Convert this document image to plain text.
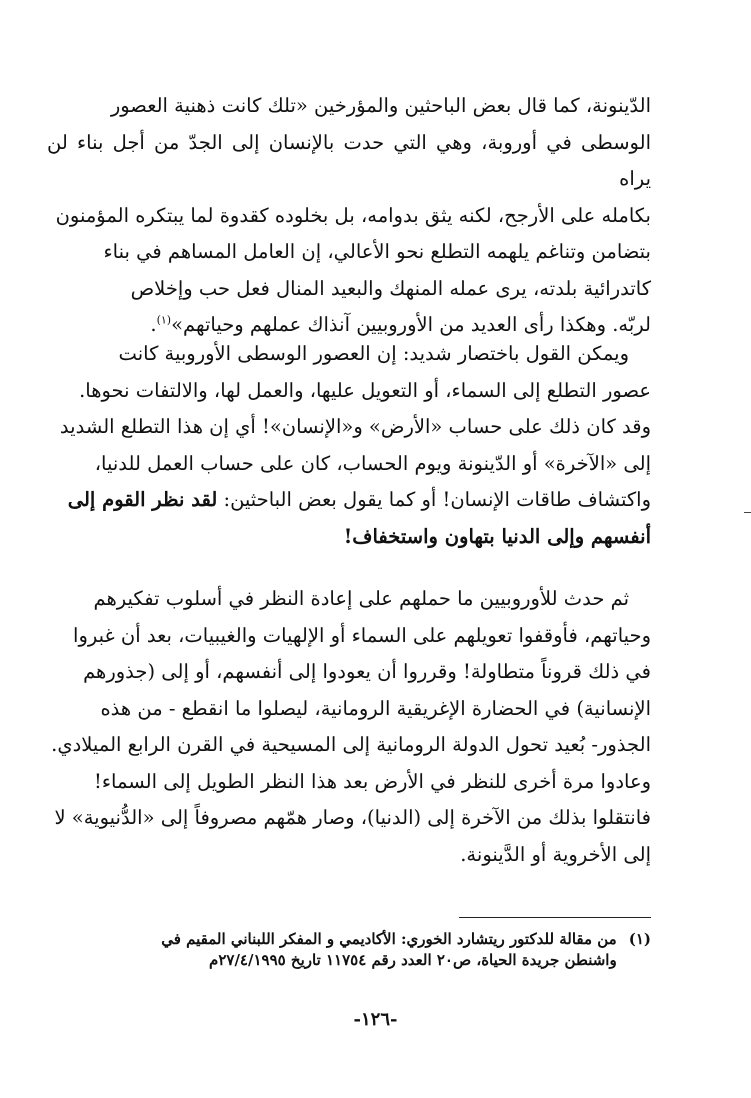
الدّينونة، كما قال بعض الباحثين والمؤرخين «تلك كانت ذهنية العصور

الوسطى في أوروبة، وهي التي حدت بالإنسان إلى الجدّ من أجل بناء لن يراه

بكامله على الأرجح، لكنه يثق بدوامه، بل بخلوده كقدوة لما يبتكره المؤمنون

بتضامن وتناغم يلهمه التطلع نحو الأعالي، إن العامل المساهم في بناء

كاتدرائية بلدته، يرى عمله المنهك والبعيد المنال فعل حب وإخلاص

لربّه. وهكذا رأى العديد من الأوروبيين آنذاك عملهم وحياتهم»$^{(١)}$.

ويمكن القول باختصار شديد: إن العصور الوسطى الأوروبية كانت

عصور التطلع إلى السماء، أو التعويل عليها، والعمل لها، والالتفات نحوها.

وقد كان ذلك على حساب «الأرض» و«الإنسان»! أي إن هذا التطلع الشديد

إلى «الآخرة» أو الدّينونة ويوم الحساب، كان على حساب العمل للدنيا،

واكتشاف طاقات الإنسان! أو كما يقول بعض الباحثين: لقد نظر القوم إلى

أنفسهم وإلى الدنيا بتهاون واستخفاف!

ثم حدث للأوروبيين ما حملهم على إعادة النظر في أسلوب تفكيرهم

وحياتهم، فأوقفوا تعويلهم على السماء أو الإلهيات والغيبيات، بعد أن غبروا

في ذلك قروناً متطاولة! وقرروا أن يعودوا إلى أنفسهم، أو إلى (جذورهم

الإنسانية) في الحضارة الإغريقية الرومانية، ليصلوا ما انقطع - من هذه

الجذور- بُعيد تحول الدولة الرومانية إلى المسيحية في القرن الرابع الميلادي.

وعادوا مرة أخرى للنظر في الأرض بعد هذا النظر الطويل إلى السماء!

فانتقلوا بذلك من الآخرة إلى (الدنيا)، وصار همّهم مصروفاً إلى «الدُّنيوية» لا

إلى الأخروية أو الدَّينونة.

(١)
من مقالة للدكتور ريتشارد الخوري: الأكاديمي و المفكر اللبناني المقيم في
واشنطن جريدة الحياة، ص٢٠ العدد رقم ١١٧٥٤ تاريخ ٢٧/٤/١٩٩٥م
-١٢٦-
